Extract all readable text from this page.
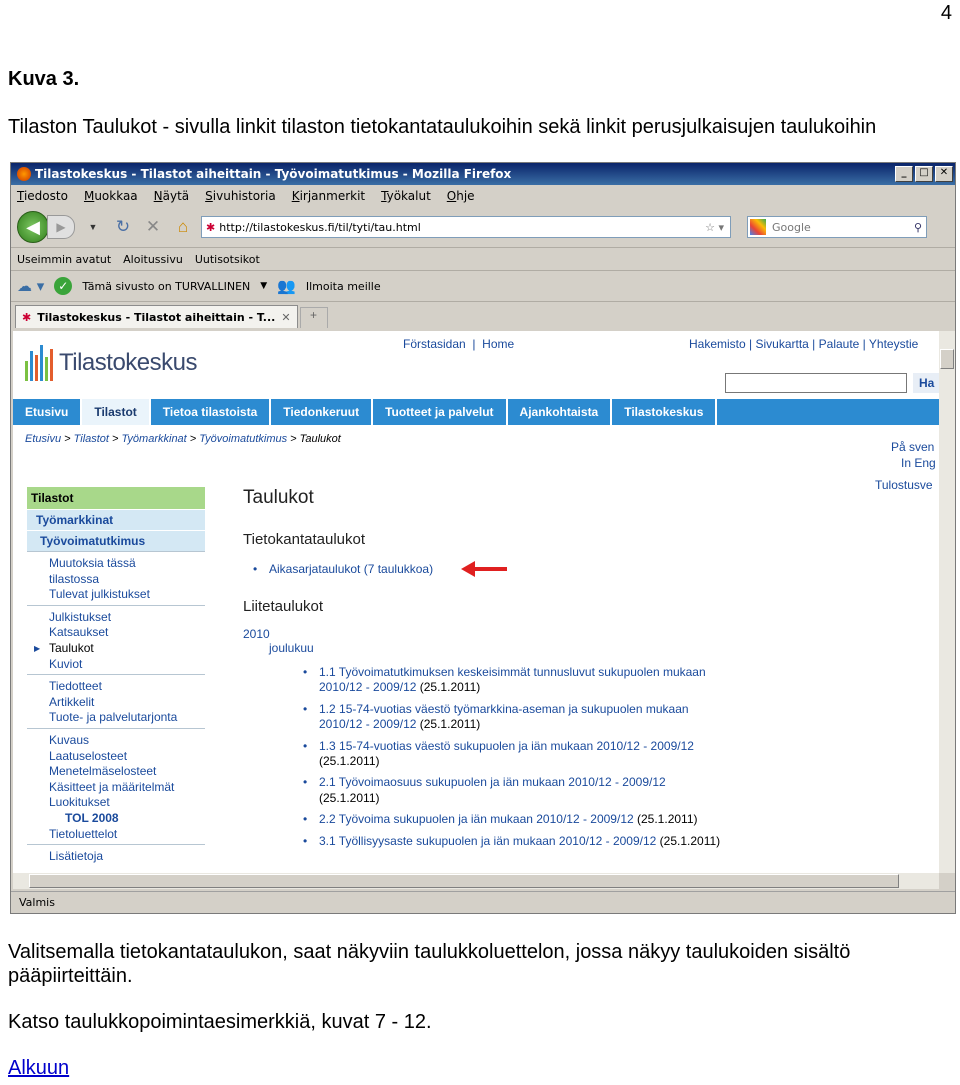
4
Kuva 3.
Tilaston Taulukot - sivulla linkit tilaston tietokantataulukoihin sekä linkit perusjulkaisujen taulukoihin
Tilastokeskus - Tilastot aiheittain - Työvoimatutkimus - Mozilla Firefox	_	□	✕
Tiedosto Muokkaa Näytä Sivuhistoria Kirjanmerkit Työkalut Ohje
◀ ▶	▼	↻ ✕	⌂	✱ http://tilastokeskus.fi/til/tyti/tau.html	☆ ▾	Google	⚲
Useimmin avatut Aloitussivu Uutisotsikot
☁ ▾	✓	Tämä sivusto on TURVALLINEN ▼ 👥 Ilmoita meille
✱ Tilastokeskus - Tilastot aiheittain - T... ✕	+
Tilastokeskus
Förstasidan  |  Home	Hakemisto | Sivukartta | Palaute | Yhteystie
Ha
Etusivu	Tilastot	Tietoa tilastoista	Tiedonkeruut	Tuotteet ja palvelut	Ajankohtaista	Tilastokeskus
Etusivu > Tilastot > Työmarkkinat > Työvoimatutkimus > Taulukot
På sven
In Eng
Tulostusve
Tilastot
Työmarkkinat
Työvoimatutkimus
Muutoksia tässä
tilastossa
Tulevat julkistukset
Julkistukset
Katsaukset
▶ Taulukot
Kuviot
Tiedotteet
Artikkelit
Tuote- ja palvelutarjonta
Kuvaus
Laatuselosteet
Menetelmäselosteet
Käsitteet ja määritelmät
Luokitukset
TOL 2008
Tietoluettelot
Lisätietoja
Taulukot
Tietokantataulukot
• Aikasarjataulukot (7 taulukkoa)
Liitetaulukot
2010
joulukuu
• 1.1 Työvoimatutkimuksen keskeisimmät tunnusluvut sukupuolen mukaan
2010/12 - 2009/12 (25.1.2011)
• 1.2 15-74-vuotias väestö työmarkkina-aseman ja sukupuolen mukaan
2010/12 - 2009/12 (25.1.2011)
• 1.3 15-74-vuotias väestö sukupuolen ja iän mukaan 2010/12 - 2009/12
(25.1.2011)
• 2.1 Työvoimaosuus sukupuolen ja iän mukaan 2010/12 - 2009/12
(25.1.2011)
• 2.2 Työvoima sukupuolen ja iän mukaan 2010/12 - 2009/12 (25.1.2011)
• 3.1 Työllisyysaste sukupuolen ja iän mukaan 2010/12 - 2009/12 (25.1.2011)
Valmis
Valitsemalla tietokantataulukon, saat näkyviin taulukkoluettelon, jossa näkyy taulukoiden sisältö pääpiirteittäin.
Katso taulukkopoimintaesimerkkiä, kuvat 7 - 12.
Alkuun
